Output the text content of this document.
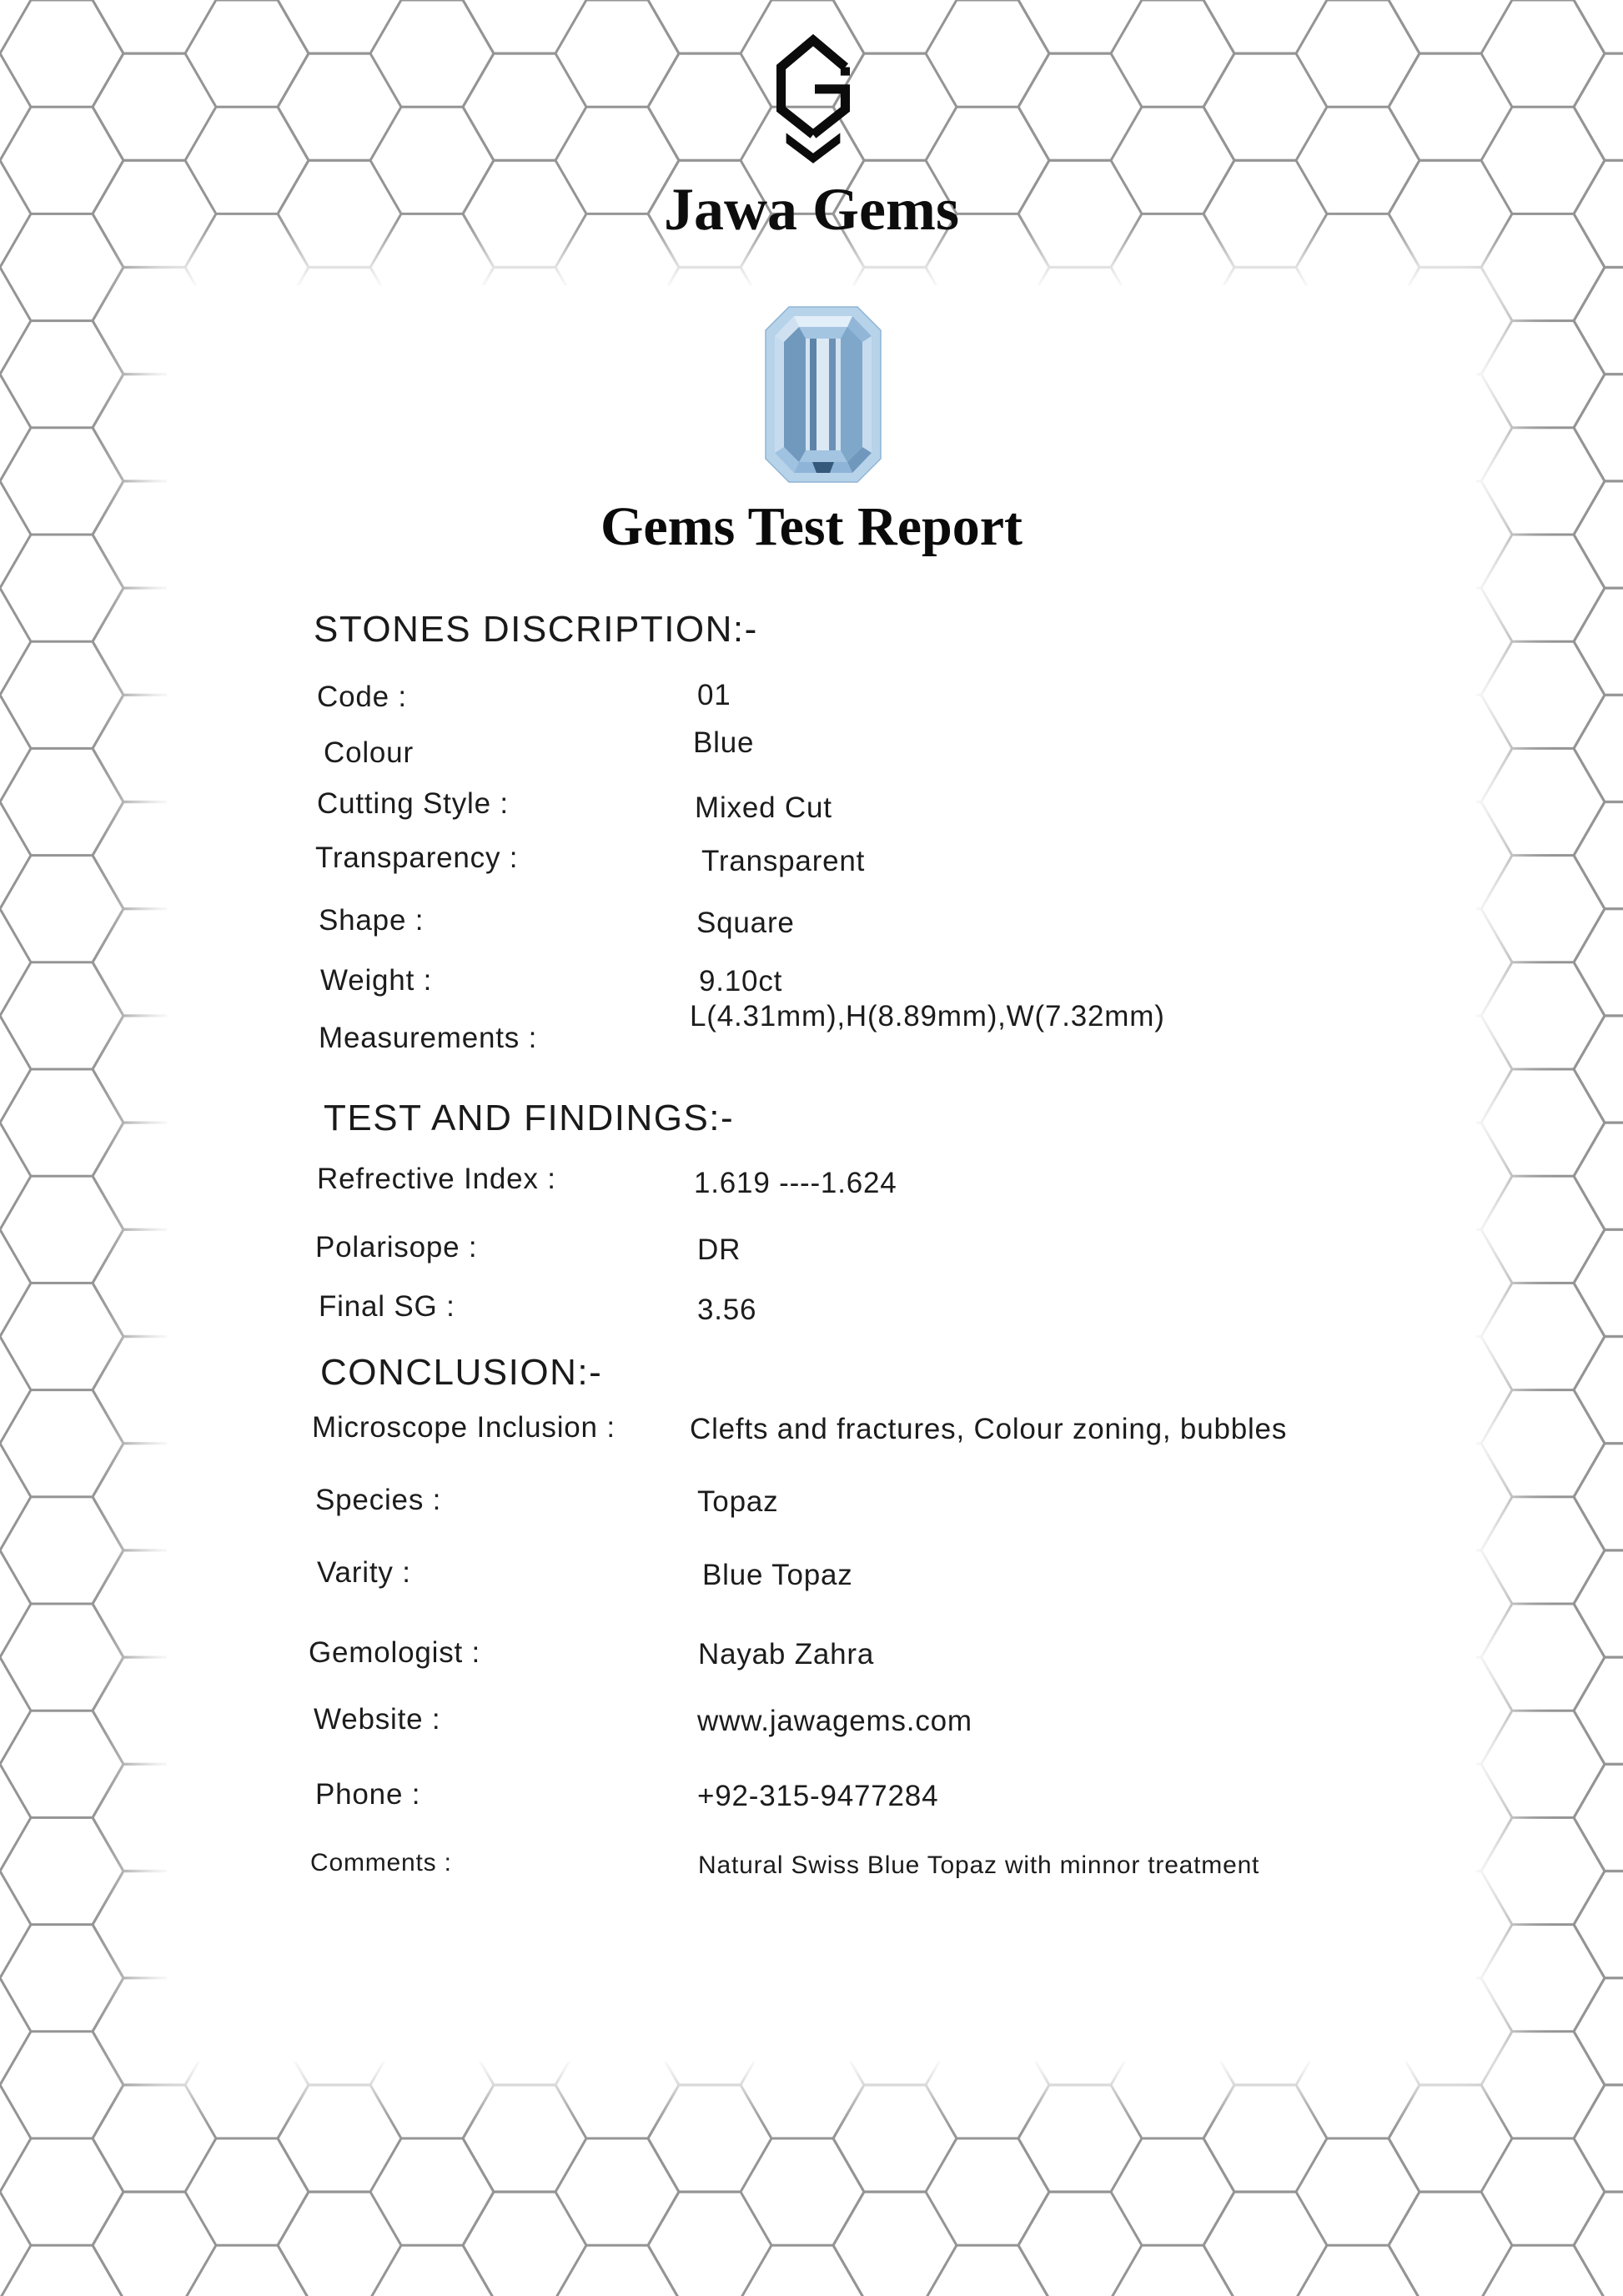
Jawa Gems
Gems Test Report
STONES DISCRIPTION:-
TEST AND FINDINGS:-
CONCLUSION:-
Code :	01
Colour	Blue
Cutting Style :	Mixed Cut
Transparency :	Transparent
Shape :	Square
Weight :	9.10ct
Measurements :
L(4.31mm),H(8.89mm),W(7.32mm)
Refrective Index :	1.619 ----1.624
Polarisope :	DR
Final SG :	3.56
Microscope Inclusion :	Clefts and fractures, Colour zoning, bubbles
Species :	Topaz
Varity :	Blue Topaz
Gemologist :	Nayab Zahra
Website :	www.jawagems.com
Phone :	+92-315-9477284
Comments :	Natural Swiss Blue Topaz with minnor treatment
